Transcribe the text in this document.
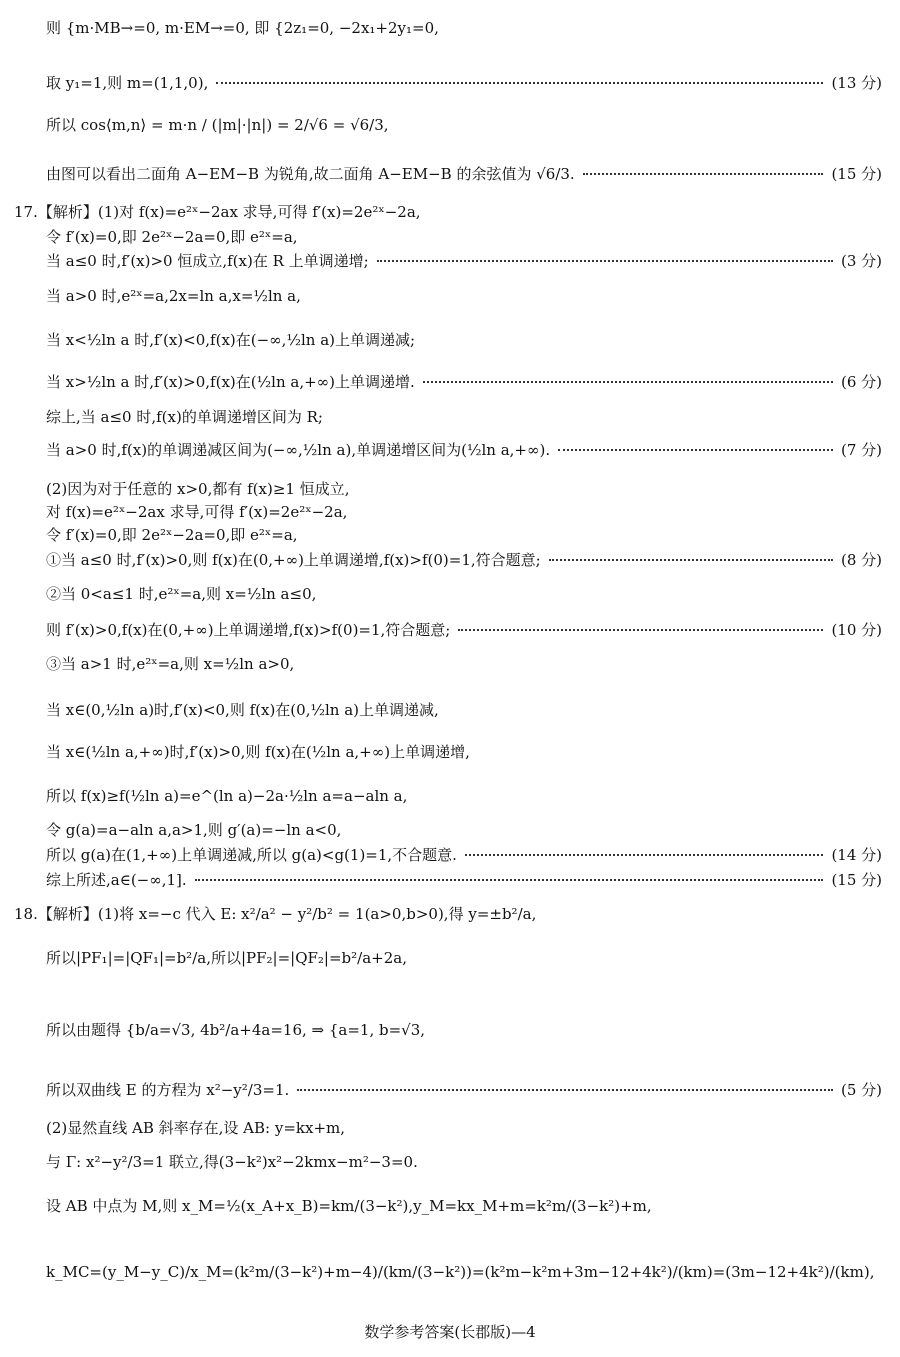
则 {m·MB→=0, m·EM→=0, 即 {2z₁=0, −2x₁+2y₁=0,
取 y₁=1,则 m=(1,1,0),	(13 分)
所以 cos⟨m,n⟩ = m·n / (|m|·|n|) = 2/√6 = √6/3,
由图可以看出二面角 A−EM−B 为锐角,故二面角 A−EM−B 的余弦值为 √6/3.	(15 分)
17.【解析】(1)对 f(x)=e²ˣ−2ax 求导,可得 f′(x)=2e²ˣ−2a,
令 f′(x)=0,即 2e²ˣ−2a=0,即 e²ˣ=a,
当 a≤0 时,f′(x)>0 恒成立,f(x)在 R 上单调递增;	(3 分)
当 a>0 时,e²ˣ=a,2x=ln a,x=½ln a,
当 x<½ln a 时,f′(x)<0,f(x)在(−∞,½ln a)上单调递减;
当 x>½ln a 时,f′(x)>0,f(x)在(½ln a,+∞)上单调递增.	(6 分)
综上,当 a≤0 时,f(x)的单调递增区间为 R;
当 a>0 时,f(x)的单调递减区间为(−∞,½ln a),单调递增区间为(½ln a,+∞).	(7 分)
(2)因为对于任意的 x>0,都有 f(x)≥1 恒成立,
对 f(x)=e²ˣ−2ax 求导,可得 f′(x)=2e²ˣ−2a,
令 f′(x)=0,即 2e²ˣ−2a=0,即 e²ˣ=a,
①当 a≤0 时,f′(x)>0,则 f(x)在(0,+∞)上单调递增,f(x)>f(0)=1,符合题意;	(8 分)
②当 0<a≤1 时,e²ˣ=a,则 x=½ln a≤0,
则 f′(x)>0,f(x)在(0,+∞)上单调递增,f(x)>f(0)=1,符合题意;	(10 分)
③当 a>1 时,e²ˣ=a,则 x=½ln a>0,
当 x∈(0,½ln a)时,f′(x)<0,则 f(x)在(0,½ln a)上单调递减,
当 x∈(½ln a,+∞)时,f′(x)>0,则 f(x)在(½ln a,+∞)上单调递增,
所以 f(x)≥f(½ln a)=e^(ln a)−2a·½ln a=a−aln a,
令 g(a)=a−aln a,a>1,则 g′(a)=−ln a<0,
所以 g(a)在(1,+∞)上单调递减,所以 g(a)<g(1)=1,不合题意.	(14 分)
综上所述,a∈(−∞,1].	(15 分)
18.【解析】(1)将 x=−c 代入 E: x²/a² − y²/b² = 1(a>0,b>0),得 y=±b²/a,
所以|PF₁|=|QF₁|=b²/a,所以|PF₂|=|QF₂|=b²/a+2a,
所以由题得 {b/a=√3, 4b²/a+4a=16, ⇒ {a=1, b=√3,
所以双曲线 E 的方程为 x²−y²/3=1.	(5 分)
(2)显然直线 AB 斜率存在,设 AB: y=kx+m,
与 Γ: x²−y²/3=1 联立,得(3−k²)x²−2kmx−m²−3=0.
设 AB 中点为 M,则 x_M=½(x_A+x_B)=km/(3−k²),y_M=kx_M+m=k²m/(3−k²)+m,
k_MC=(y_M−y_C)/x_M=(k²m/(3−k²)+m−4)/(km/(3−k²))=(k²m−k²m+3m−12+4k²)/(km)=(3m−12+4k²)/(km),
数学参考答案(长郡版)—4
